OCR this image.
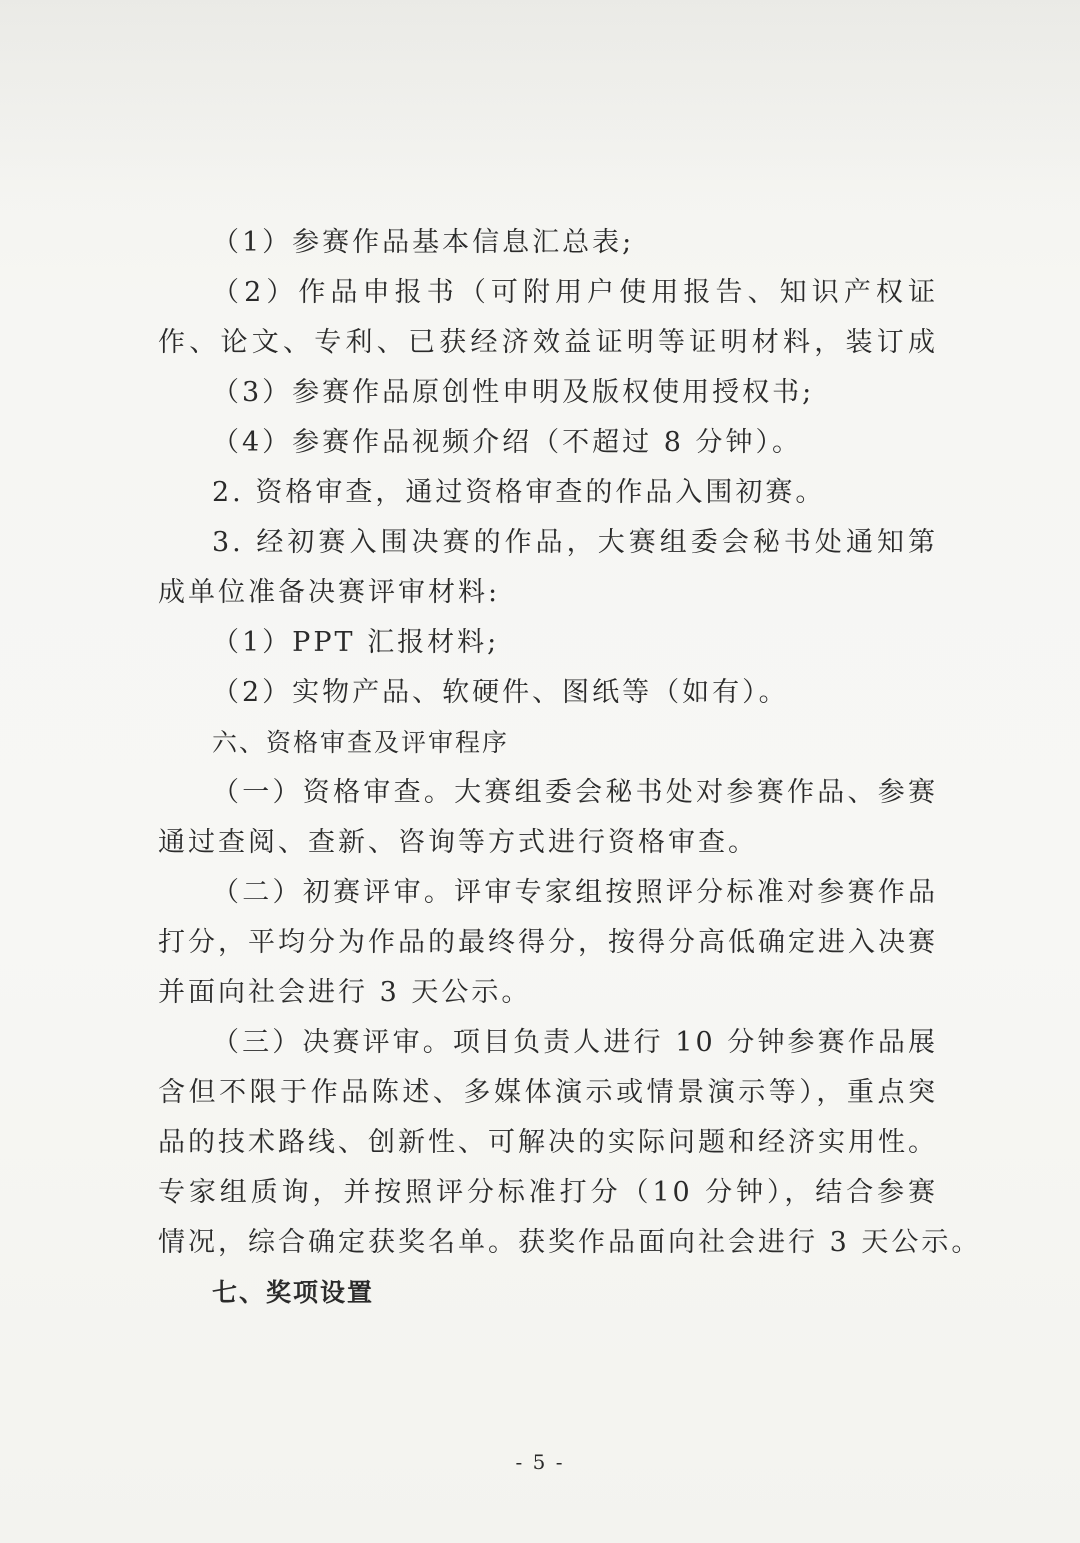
（1）参赛作品基本信息汇总表;
（2）作品申报书（可附用户使用报告、知识产权证
作、论文、专利、已获经济效益证明等证明材料，装订成
（3）参赛作品原创性申明及版权使用授权书;
（4）参赛作品视频介绍（不超过 8 分钟）。
2. 资格审查，通过资格审查的作品入围初赛。
3. 经初赛入围决赛的作品，大赛组委会秘书处通知第
成单位准备决赛评审材料:
（1）PPT 汇报材料;
（2）实物产品、软硬件、图纸等（如有）。
六、资格审查及评审程序
（一）资格审查。大赛组委会秘书处对参赛作品、参赛
通过查阅、查新、咨询等方式进行资格审查。
（二）初赛评审。评审专家组按照评分标准对参赛作品
打分，平均分为作品的最终得分，按得分高低确定进入决赛
并面向社会进行 3 天公示。
（三）决赛评审。项目负责人进行 10 分钟参赛作品展
含但不限于作品陈述、多媒体演示或情景演示等），重点突
品的技术路线、创新性、可解决的实际问题和经济实用性。
专家组质询，并按照评分标准打分（10 分钟），结合参赛
情况，综合确定获奖名单。获奖作品面向社会进行 3 天公示。
七、奖项设置
- 5 -
